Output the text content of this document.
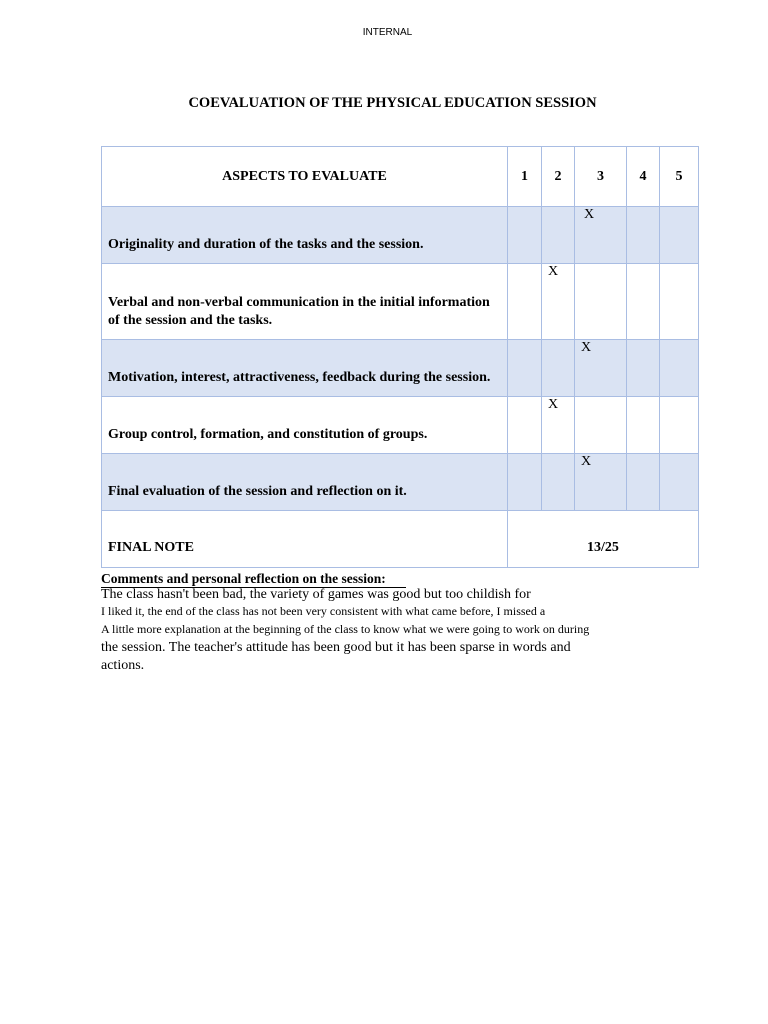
INTERNAL
COEVALUATION OF THE PHYSICAL EDUCATION SESSION
ASPECTS TO EVALUATE	1	2	3	4	5
Originality and duration of the tasks and the session.			X		

Verbal and non-verbal communication in the initial information of the session and the tasks.		X			

Motivation, interest, attractiveness, feedback during the session.			X		

Group control, formation, and constitution of groups.		X			

Final evaluation of the session and reflection on it.			X		

FINAL NOTE	13/25				
Comments and personal reflection on the session:
The class hasn't been bad, the variety of games was good but too childish for
I liked it, the end of the class has not been very consistent with what came before, I missed a
A little more explanation at the beginning of the class to know what we were going to work on during
the session. The teacher's attitude has been good but it has been sparse in words and
actions.
